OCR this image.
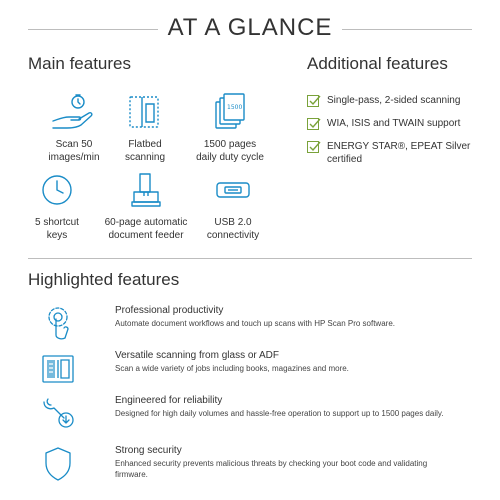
AT A GLANCE
Main features
Scan 50
images/min
Flatbed
scanning
1500
1500 pages
daily duty cycle
5 shortcut
keys
60-page automatic
document feeder
USB 2.0
connectivity
Additional features
Single-pass, 2-sided scanning
WIA, ISIS and TWAIN support
ENERGY STAR®, EPEAT Silver
certified
Highlighted features
Professional productivity
Automate document workflows and touch up scans with HP Scan Pro software.
Versatile scanning from glass or ADF
Scan a wide variety of jobs including books, magazines and more.
Engineered for reliability
Designed for high daily volumes and hassle-free operation to support up to 1500 pages daily.
Strong security
Enhanced security prevents malicious threats by checking your boot code and validating firmware.
